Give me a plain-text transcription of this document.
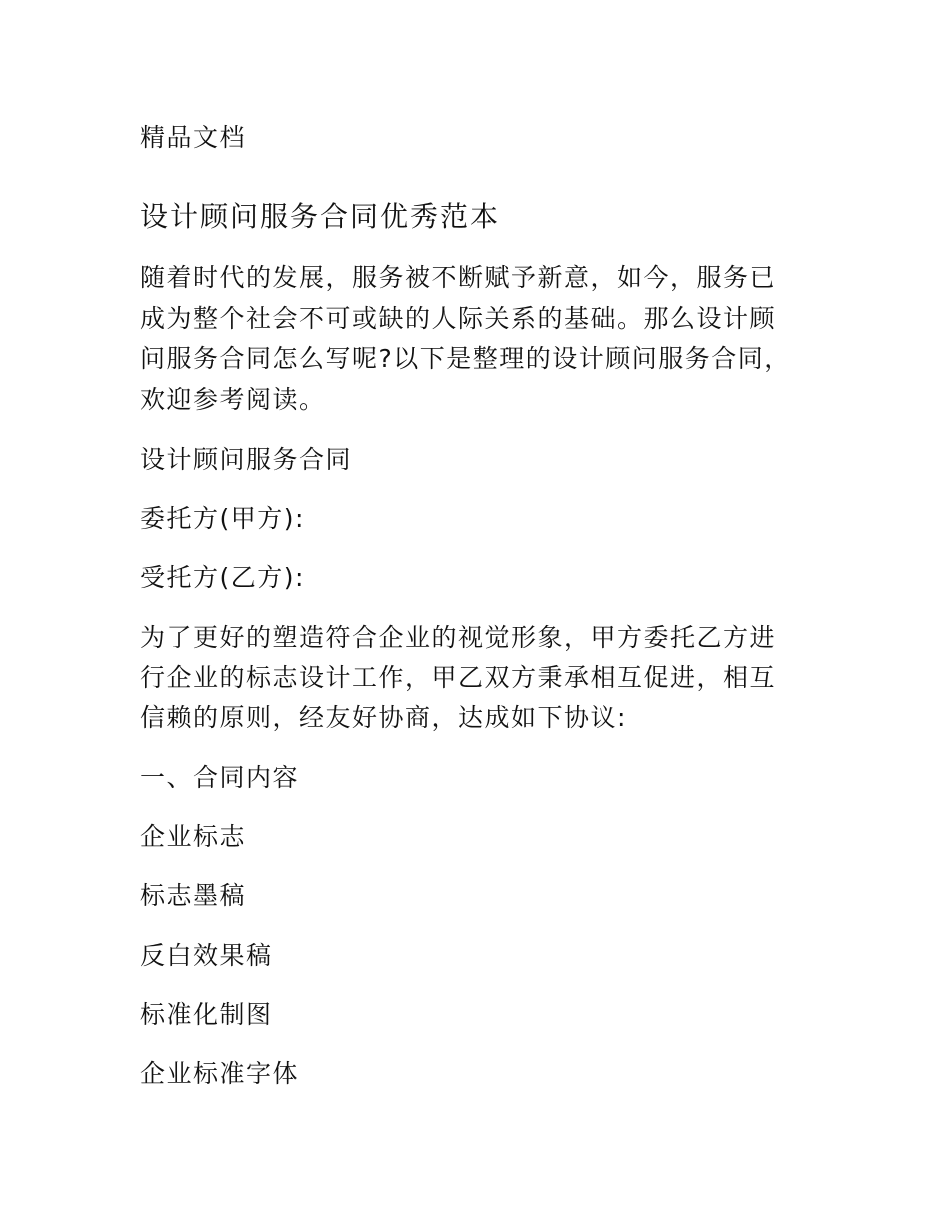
精品文档

设计顾问服务合同优秀范本

随着时代的发展，服务被不断赋予新意，如今，服务已

成为整个社会不可或缺的人际关系的基础。那么设计顾

问服务合同怎么写呢?以下是整理的设计顾问服务合同，

欢迎参考阅读。

设计顾问服务合同

委托方(甲方):

受托方(乙方):

为了更好的塑造符合企业的视觉形象，甲方委托乙方进

行企业的标志设计工作，甲乙双方秉承相互促进，相互

信赖的原则，经友好协商，达成如下协议:

一、合同内容

企业标志

标志墨稿

反白效果稿

标准化制图

企业标准字体
